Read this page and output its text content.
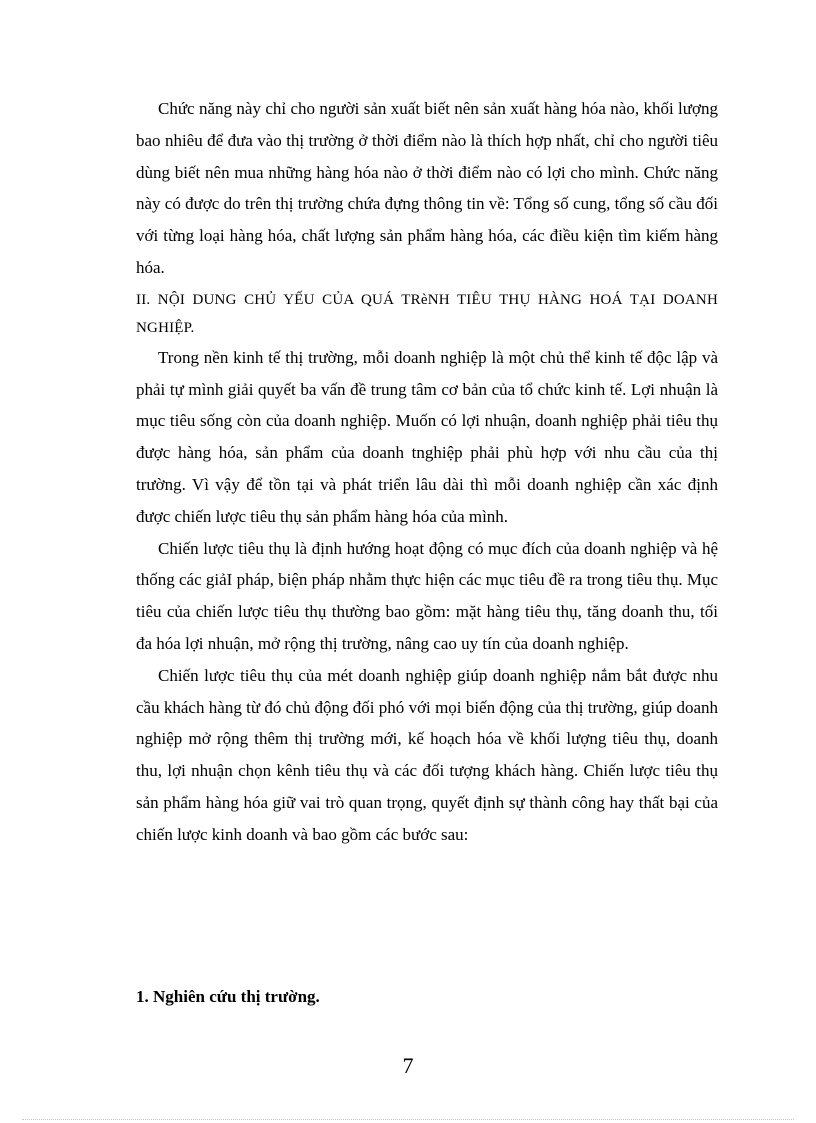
Chức năng này chỉ cho người sản xuất biết nên sản xuất hàng hóa nào, khối lượng bao nhiêu để đưa vào thị trường ở thời điểm nào là thích hợp nhất, chỉ cho người tiêu dùng biết nên mua những hàng hóa nào ở thời điểm nào có lợi cho mình. Chức năng này có được do trên thị trường chứa đựng thông tin về: Tổng số cung, tổng số cầu đối với từng loại hàng hóa, chất lượng sản phẩm hàng hóa, các điều kiện tìm kiếm hàng hóa.

II. NỘI DUNG CHỦ YẾU CỦA QUÁ TRèNH TIÊU THỤ HÀNG HOÁ TẠI DOANH NGHIỆP.

Trong nền kinh tế thị trường, mỗi doanh nghiệp là một chủ thể kinh tế độc lập và phải tự mình giải quyết ba vấn đề trung tâm cơ bản của tổ chức kinh tế. Lợi nhuận là mục tiêu sống còn của doanh nghiệp. Muốn có lợi nhuận, doanh nghiệp phải tiêu thụ được hàng hóa, sản phẩm của doanh tnghiệp phải phù hợp với nhu cầu của thị trường. Vì vậy để tồn tại và phát triển lâu dài thì mỗi doanh nghiệp cần xác định được chiến lược tiêu thụ sản phẩm hàng hóa của mình.

Chiến lược tiêu thụ là định hướng hoạt động có mục đích của doanh nghiệp và hệ thống các giảI pháp, biện pháp nhằm thực hiện các mục tiêu đề ra trong tiêu thụ. Mục tiêu của chiến lược tiêu thụ thường bao gồm: mặt hàng tiêu thụ, tăng doanh thu, tối đa hóa lợi nhuận, mở rộng thị trường, nâng cao uy tín của doanh nghiệp.

Chiến lược tiêu thụ của mét doanh nghiệp giúp doanh nghiệp nắm bắt được nhu cầu khách hàng từ đó chủ động đối phó với mọi biến động của thị trường, giúp doanh nghiệp mở rộng thêm thị trường mới, kế hoạch hóa về khối lượng tiêu thụ, doanh thu, lợi nhuận chọn kênh tiêu thụ và các đối tượng khách hàng. Chiến lược tiêu thụ sản phẩm hàng hóa giữ vai trò quan trọng, quyết định sự thành công hay thất bại của chiến lược kinh doanh và bao gồm các bước sau:

1. Nghiên cứu thị trường.

7
